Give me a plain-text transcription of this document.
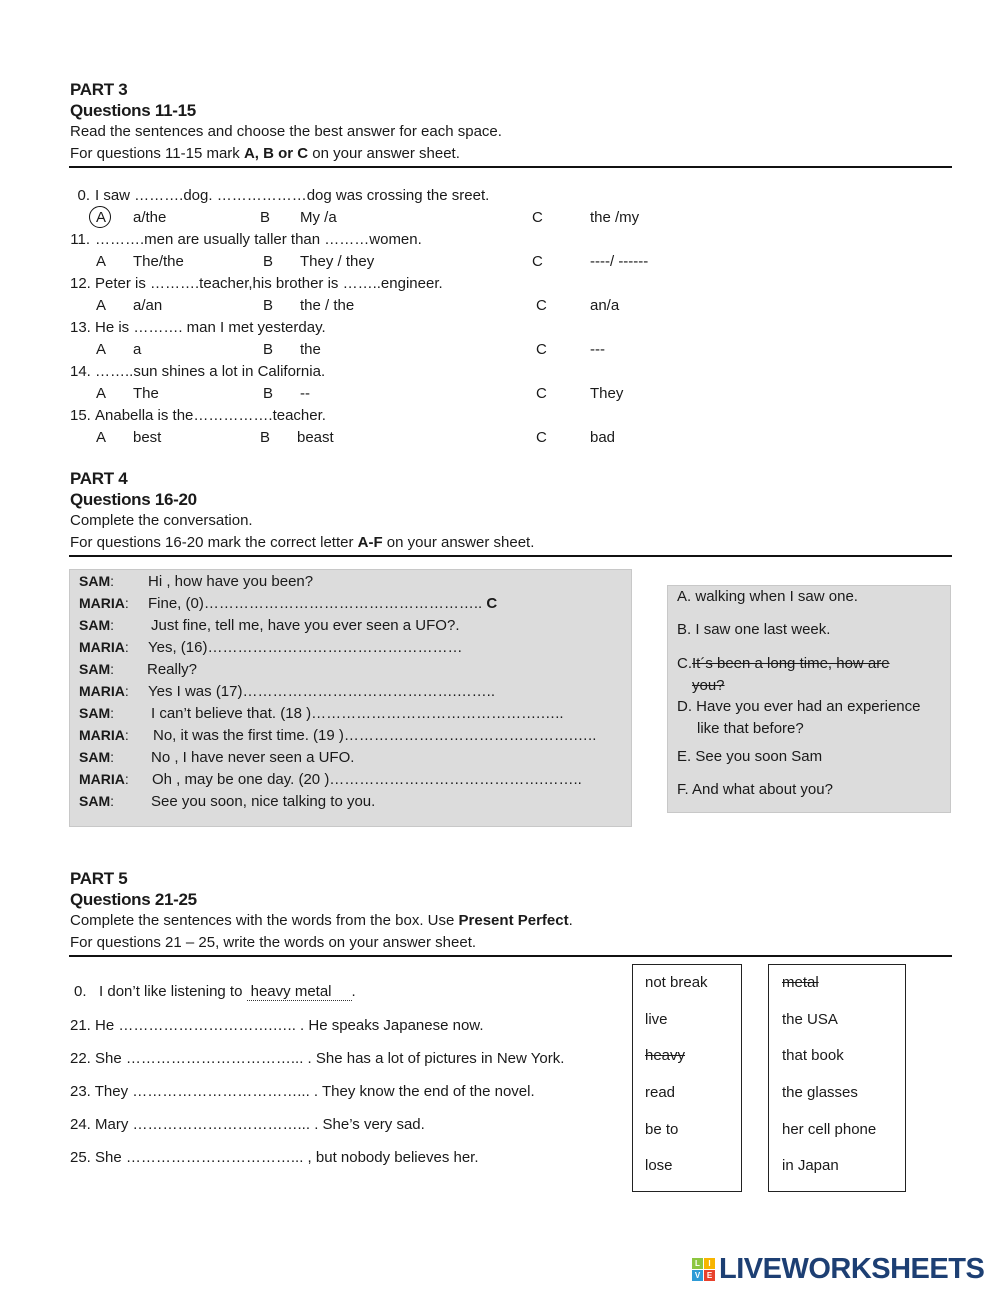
PART 3
Questions 11-15
Read the sentences and choose the best answer for each space.
For questions 11-15 mark A, B or C on your answer sheet.
0. I saw ……….dog. ………………dog was crossing the sreet.
A a/the	B My /a	C	the /my
11. ……….men are usually taller than ………women.
A The/the	B They / they	C	----/ ------
12. Peter is ……….teacher,his brother is ……..engineer.
A a/an	B the / the	C	an/a
13. He is ………. man I met yesterday.
A a	B the	C	---
14. ……..sun shines a lot in California.
A The	B --	C	They
15. Anabella is the…………….teacher.
A best	B beast	C	bad
PART 4
Questions 16-20
Complete the conversation.
For questions 16-20 mark the correct letter A-F on your answer sheet.
SAM: Hi , how have you been?
MARIA: Fine, (0)……………………………………………….. C
SAM: Just fine, tell me, have you ever seen a UFO?.
MARIA: Yes, (16)……………………………………………
SAM: Really?
MARIA: Yes I was (17)…………………………………….……..
SAM: I can’t believe that. (18 )……………………………………….…..
MARIA: No, it was the first time. (19 )……………………………………….…..
SAM: No , I have never seen a UFO.
MARIA: Oh , may be one day. (20 )…………………………………….……..
SAM: See you soon, nice talking to you.
A. walking when I saw one.
B. I saw one last week.
C.It´s been a long time, how are
you?
D. Have you ever had an experience
like that before?
E. See you soon Sam
F. And what about you?
PART 5
Questions 21-25
Complete the sentences with the words from the box. Use Present Perfect.
For questions 21 – 25, write the words on your answer sheet.
0. I don’t like listening to heavy metal .
21. He ………………………….….. . He speaks Japanese now.
22. She ……………………………... . She has a lot of pictures in New York.
23. They ……………………………... . They know the end of the novel.
24. Mary ……………………………... . She’s very sad.
25. She ……………………………... , but nobody believes her.
not break
live
heavy
read
be to
lose
metal
the USA
that book
the glasses
her cell phone
in Japan
L	I
V E LIVEWORKSHEETS
